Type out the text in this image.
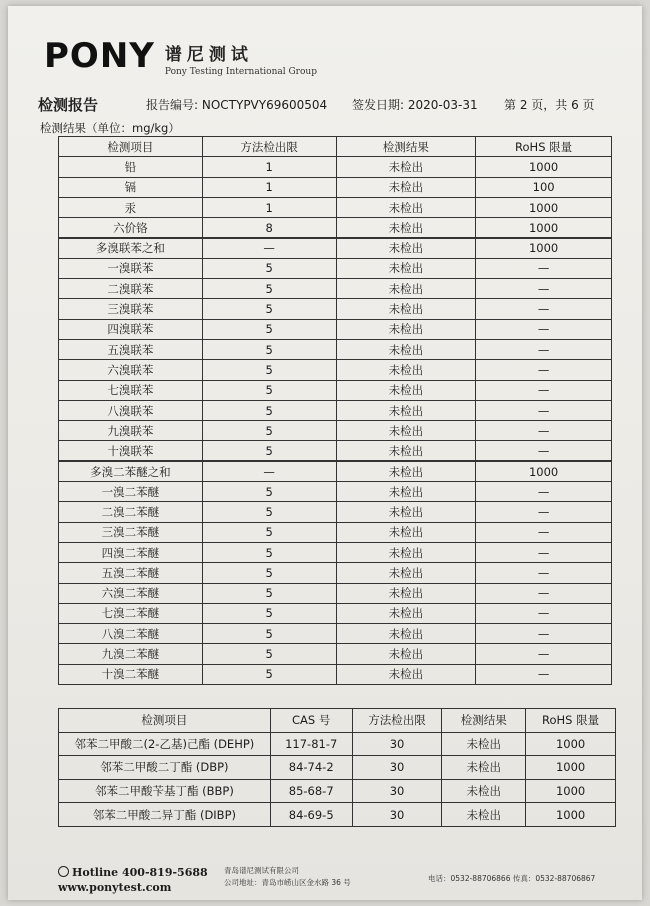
PONY 谱尼测试
Pony Testing International Group
检测报告	报告编号: NOCTYPVY69600504 签发日期: 2020-03-31 第 2 页，共 6 页
检测结果（单位：mg/kg）
检测项目	方法检出限	检测结果	RoHS 限量
铅	1	未检出	1000
镉	1	未检出	100
汞	1	未检出	1000
六价铬	8	未检出	1000
多溴联苯之和	—	未检出	1000
一溴联苯	5	未检出	—
二溴联苯	5	未检出	—
三溴联苯	5	未检出	—
四溴联苯	5	未检出	—
五溴联苯	5	未检出	—
六溴联苯	5	未检出	—
七溴联苯	5	未检出	—
八溴联苯	5	未检出	—
九溴联苯	5	未检出	—
十溴联苯	5	未检出	—
多溴二苯醚之和	—	未检出	1000
一溴二苯醚	5	未检出	—
二溴二苯醚	5	未检出	—
三溴二苯醚	5	未检出	—
四溴二苯醚	5	未检出	—
五溴二苯醚	5	未检出	—
六溴二苯醚	5	未检出	—
七溴二苯醚	5	未检出	—
八溴二苯醚	5	未检出	—
九溴二苯醚	5	未检出	—
十溴二苯醚	5	未检出	—
检测项目	CAS 号	方法检出限	检测结果	RoHS 限量
邻苯二甲酸二(2-乙基)己酯 (DEHP)	117-81-7	30	未检出	1000
邻苯二甲酸二丁酯 (DBP)	84-74-2	30	未检出	1000
邻苯二甲酸苄基丁酯 (BBP)	85-68-7	30	未检出	1000
邻苯二甲酸二异丁酯 (DIBP)	84-69-5	30	未检出	1000
Hotline 400-819-5688
www.ponytest.com
青岛谱尼测试有限公司
公司地址：青岛市崂山区金水路 36 号	电话：0532-88706866 传真：0532-88706867
